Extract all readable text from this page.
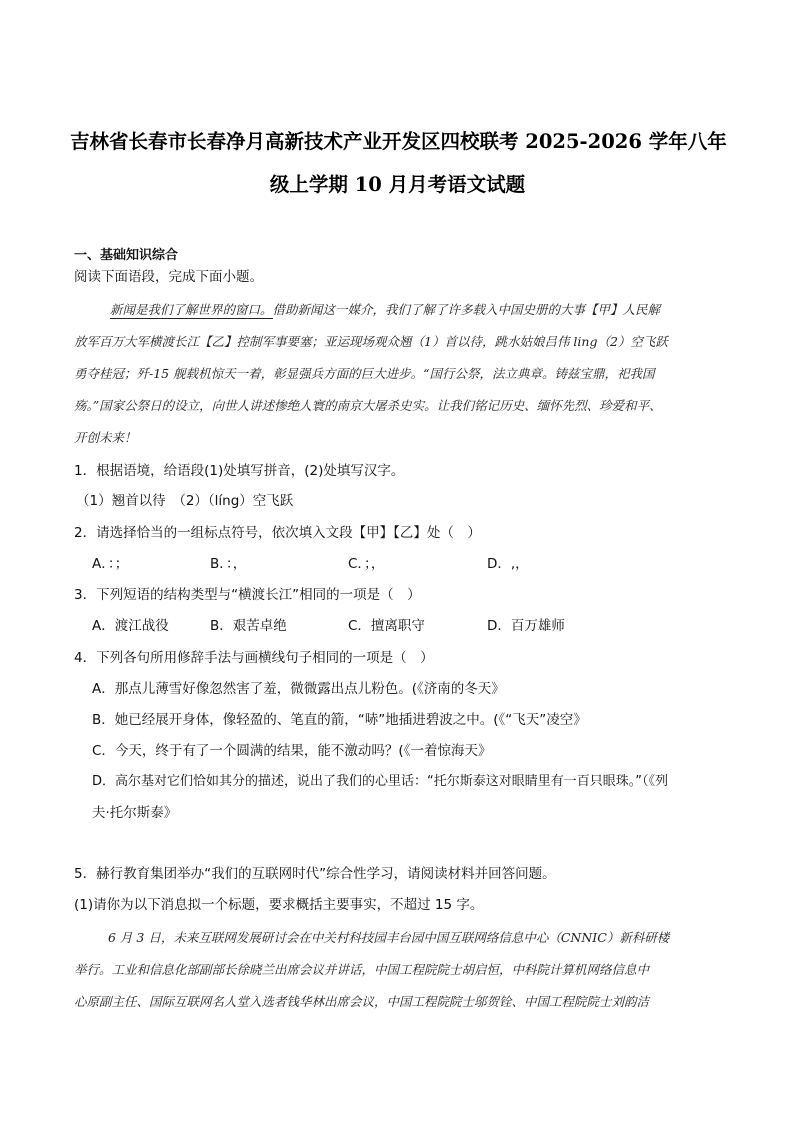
吉林省长春市长春净月高新技术产业开发区四校联考 2025-2026 学年八年
级上学期 10 月月考语文试题
一、基础知识综合
阅读下面语段，完成下面小题。
新闻是我们了解世界的窗口。借助新闻这一媒介，我们了解了许多载入中国史册的大事【甲】人民解
放军百万大军横渡长江【乙】控制军事要塞；亚运现场观众翘（1）首以待，跳水姑娘吕伟 ling（2）空飞跃
勇夺桂冠；歼-15 舰载机惊天一着，彰显强兵方面的巨大进步。“国行公祭，法立典章。铸兹宝鼎，祀我国
殇。”国家公祭日的设立，向世人讲述惨绝人寰的南京大屠杀史实。让我们铭记历史、缅怀先烈、珍爱和平、
开创未来！
1．根据语境，给语段(1)处填写拼音，(2)处填写汉字。
（1）翘首以待　（2）（líng）空飞跃
2．请选择恰当的一组标点符号，依次填入文段【甲】【乙】处（　）
A．：；	B．：，	C．；，	D．,，
3．下列短语的结构类型与“横渡长江”相同的一项是（　）
A．渡江战役	B．艰苦卓绝	C．擅离职守	D．百万雄师
4．下列各句所用修辞手法与画横线句子相同的一项是（　）
A．那点儿薄雪好像忽然害了羞，微微露出点儿粉色。(《济南的冬天》
B．她已经展开身体，像轻盈的、笔直的箭，“哧”地插进碧波之中。(《“飞天”凌空》
C．今天，终于有了一个圆满的结果，能不激动吗？(《一着惊海天》
D．高尔基对它们恰如其分的描述，说出了我们的心里话：“托尔斯泰这对眼睛里有一百只眼珠。”（《列
夫·托尔斯泰》
5．赫行教育集团举办“我们的互联网时代”综合性学习，请阅读材料并回答问题。
(1)请你为以下消息拟一个标题，要求概括主要事实，不超过 15 字。
6 月 3 日，未来互联网发展研讨会在中关村科技园丰台园中国互联网络信息中心（CNNIC）新科研楼
举行。工业和信息化部副部长徐晓兰出席会议并讲话，中国工程院院士胡启恒，中科院计算机网络信息中
心原副主任、国际互联网名人堂入选者钱华林出席会议，中国工程院院士邬贺铨、中国工程院院士刘韵洁
